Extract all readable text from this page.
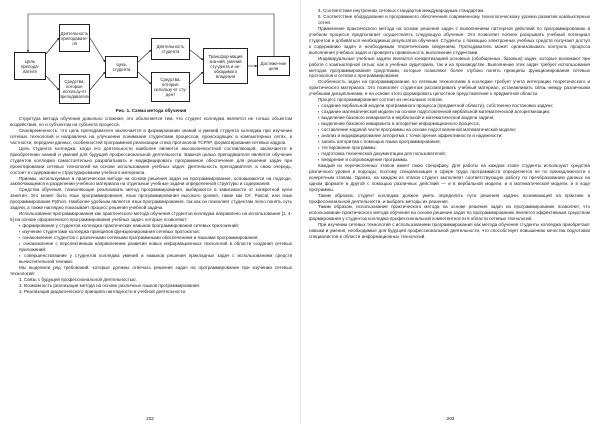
Цель препода-вателя
Деятельность преподавате-ля
Средства, которые использу-ет преподаватель
Цель студента
Деятельность студента
Средства, которые использу-ет сту-дент
Трансфор-мация зна-ний, умений сту-дента и не-обходимого владения
Достиже-ние цели
Рис. 1. Схема метода обучения

Структура метода обучения довольно сложная, это объясняется тем, что студент колледжа является не только объектом воздействия, но и субъектом на субъекта процесса.

Своевременность: что цель преподавателя заключается в формировании знаний и умений студента колледжа при изучении сетевых технологий и направлена на улучшение понимания студентами процессов, происходящих в компьютерных сетях, в частности, передачи данных, особенностей программной реализации стека протоколов TCP/IP, форматирования сетевых кадров.

Цель студента колледжа, когда его деятельности наиболее является высоколичностной составляющей, заключается в приобретении знаний и умений для будущей профессиональной деятельности. Важной целью преподавателя является обучение студентов колледжа самостоятельно разрабатывать и модифицировать программное обеспечение для решения задач при проектировании сетевых технологий на основе использования учебных задач. Деятельность преподавателя, в свою очередь, состоит в содержании и структурировании учебного материала.

Приемы, используемые в практическом методе на основе решения задач на программирование, основываются на подходе, заключающемся в разделении учебного материала на отдельные учебные задачи определенной структуры и содержания.

Средства обучения, позволяющие реализовать метод программирования, выбираются в зависимости от конкретной цели занятия. Это может быть язык программирования, язык программирования высокого уровня, такие как C#, Pascal, или язык программирования Python. Наиболее удобным является язык программирования, так как он позволяет студентам легко понять суть задачи, а также наглядно показывает процесс решения учебной задачи.

Использование программирования как практического метода обучения студентов колледжа направлено на использование [1, 4-5] на основе оформленного программирования учебных задач, которые позволяют:

▪ формирование у студентов колледжа практических навыков программирования сетевых приложений;
▪ изучение студентами колледжа принципов функционирования сетевых протоколов;
▪ ознакомление студентов с различными сетевыми программными обеспечением и языками программирования;
▪ ознакомление с перспективным направлением развития новых информационных технологий в области создания сетевых приложений;
▪ совершенствование у студентов колледжа умений и навыков решения прикладных задач с использованием средств вычислительной техники.

Мы выделили ряд требований, которые должны отвечать решения задач на программирование при изучении сетевых технологий:

1. Связь с будущей профессиональной деятельностью.

2. Возможность реализации метода на основе различных языков программирования.

3. Реализация дидактического принципа наглядности в учебной деятельности.

202

4. Соответствие внутренних сетевых стандартов международным стандартам.

5. Соответствие оборудования и программного обеспечения современному технологическому уровню развития компьютерных сетей.

Применение практического метода на основе решения задач с выполнением паттернов действий по программированию в учебном процессе предполагает осуществлять следующую обучение. Это позволяет полнее раскрывать учебный потенциал студентов и добиваться необходимых результатов обучения. Студенты с помощью электронных учебных средств получают доступ к содержанию задач и необходимым теоретическим сведениям. Преподаватель может организовывать контроль процесса выполнения учебных задач и проверять правильность выполнения студентами.

Индивидуальные учебные задачи являются конкретизацией основных (обобщенных, базовых) задач, которые возникают при работе с компьютерной сетью: как в учебных аудиториях, так и на производстве. Выполнение этих задач требует использования методов программирования средствами, которые позволяют более глубоко понять принципы функционирования сетевых протоколов и сетевого программирования.

Особенность задач на программирование по сетевым технологиям в колледже требует учета интеграции теоретического и практического материала. Это позволяет студентам рассматривать учебный материал, устанавливать связь между различными учебными дисциплинами, и на основе этого формировать целостное представление о предметной области.

Процесс программирования состоит из нескольких этапов:

▪ создание вербальной модели программного процесса (предметной области), собственно постановка задачи;
▪ создание математической модели на основе подготовленной вербальной математической алгоритмизации;
▪ выделение базового инварианта в вербальной и математической модели задачи;
▪ выделение базового инварианта в алгоритме информационного процесса;
▪ составление кодовой части программы на основе подготовленной математической модели;
▪ анализ и модифицирование алгоритма с точки зрения эффективности и надежности;
▪ запись алгоритма с помощью языка программирования;
▪ тестирование программы;
▪ подготовка технической документации для пользователей;
▪ внедрение и сопровождение программы.

Каждый из перечисленных этапов имеет свою специфику. Для работы на каждом этапе студенты используют средства различного уровня и подходы, поэтому специализация в сфере труда программиста определяется не по принадлежности к конкретным этапам. Однако, на каждом из этапов студент выполняет соответствующую работу по преобразованию данных на одном формате в другой с помощью различных действий — и в вербальной модели, и в математической модели, и в коде программы.

Таким образом, студент колледжа должен уметь определить пути решения задачи, возникающей на практике в профессиональной деятельности, и выбрать методы их решения.

Таким образом, использование практического метода на основе решения задач на программирование позволяет, что использование практического метода обучения на основе решения задач по программированию является эффективным средством формирования у студентов колледжа профессиональной компетентности в области сетевых технологий.

При изучении сетевых технологий с использованием программирования как метода обучения студенты колледжа приобретают навыки и умения, необходимые для будущей профессиональной деятельности, что способствует повышению качества подготовки специалистов в области информационных технологий.

203
